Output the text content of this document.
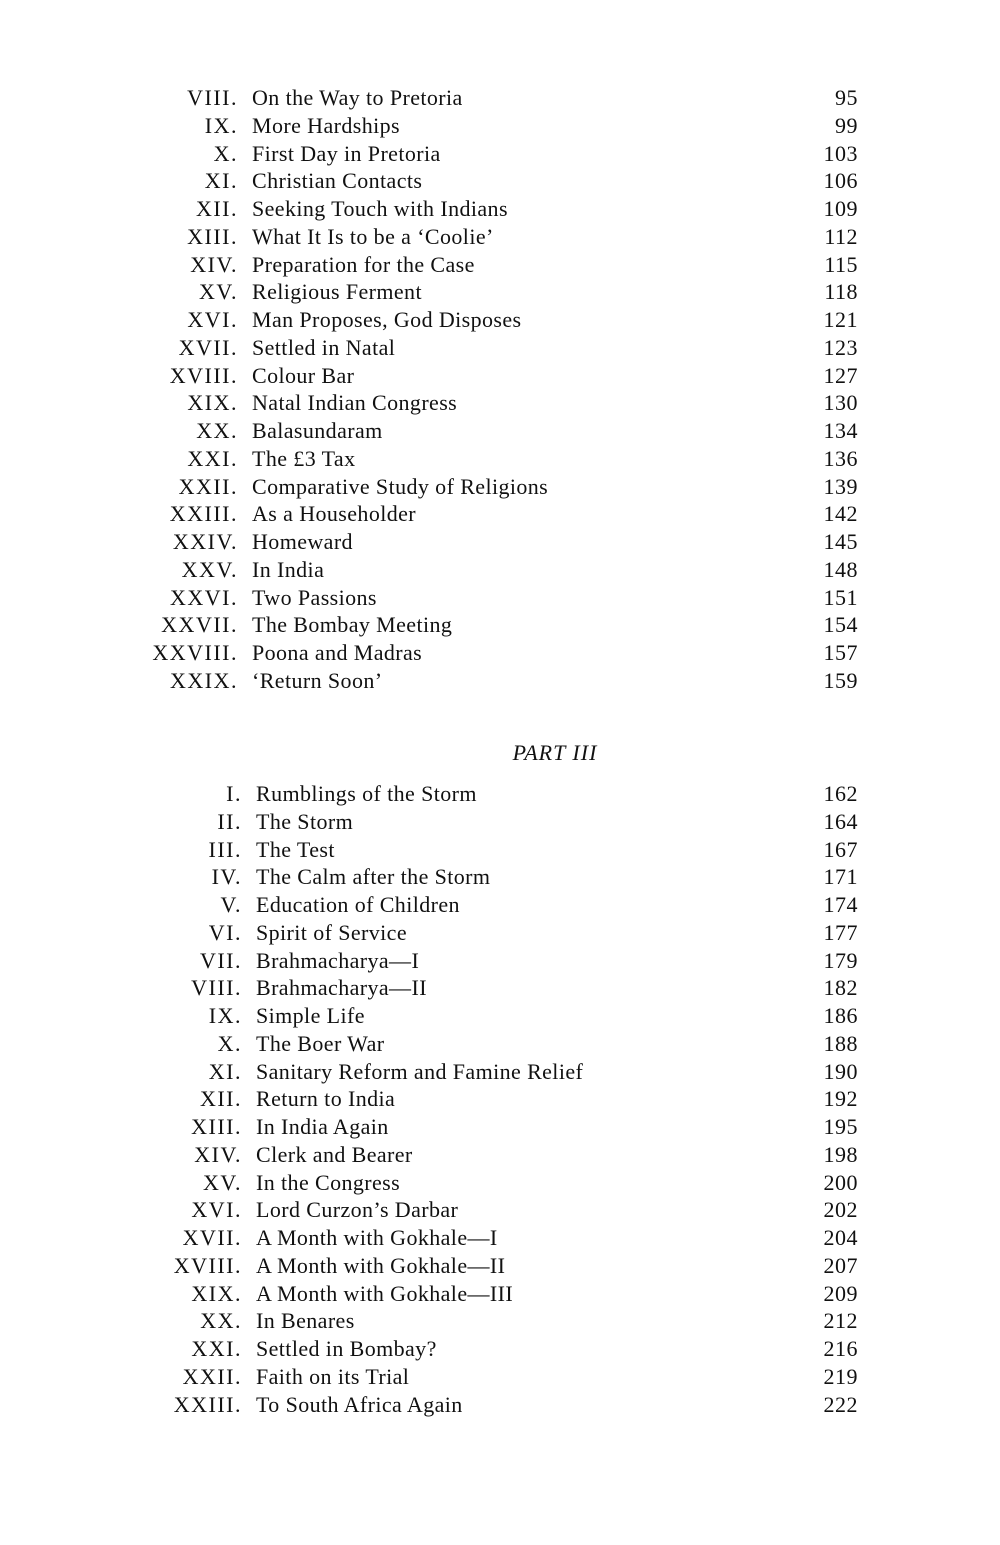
VIII. On the Way to Pretoria	95
IX. More Hardships	99
X. First Day in Pretoria	103
XI. Christian Contacts	106
XII. Seeking Touch with Indians	109
XIII. What It Is to be a ‘Coolie’	112
XIV. Preparation for the Case	115
XV. Religious Ferment	118
XVI. Man Proposes, God Disposes	121
XVII. Settled in Natal	123
XVIII. Colour Bar	127
XIX. Natal Indian Congress	130
XX. Balasundaram	134
XXI. The £3 Tax	136
XXII. Comparative Study of Religions	139
XXIII. As a Householder	142
XXIV. Homeward	145
XXV. In India	148
XXVI. Two Passions	151
XXVII. The Bombay Meeting	154
XXVIII. Poona and Madras	157
XXIX. ‘Return Soon’	159
PART III
I. Rumblings of the Storm	162
II. The Storm	164
III. The Test	167
IV. The Calm after the Storm	171
V. Education of Children	174
VI. Spirit of Service	177
VII. Brahmacharya—I	179
VIII. Brahmacharya—II	182
IX. Simple Life	186
X. The Boer War	188
XI. Sanitary Reform and Famine Relief	190
XII. Return to India	192
XIII. In India Again	195
XIV. Clerk and Bearer	198
XV. In the Congress	200
XVI. Lord Curzon’s Darbar	202
XVII. A Month with Gokhale—I	204
XVIII. A Month with Gokhale—II	207
XIX. A Month with Gokhale—III	209
XX. In Benares	212
XXI. Settled in Bombay?	216
XXII. Faith on its Trial	219
XXIII. To South Africa Again	222
